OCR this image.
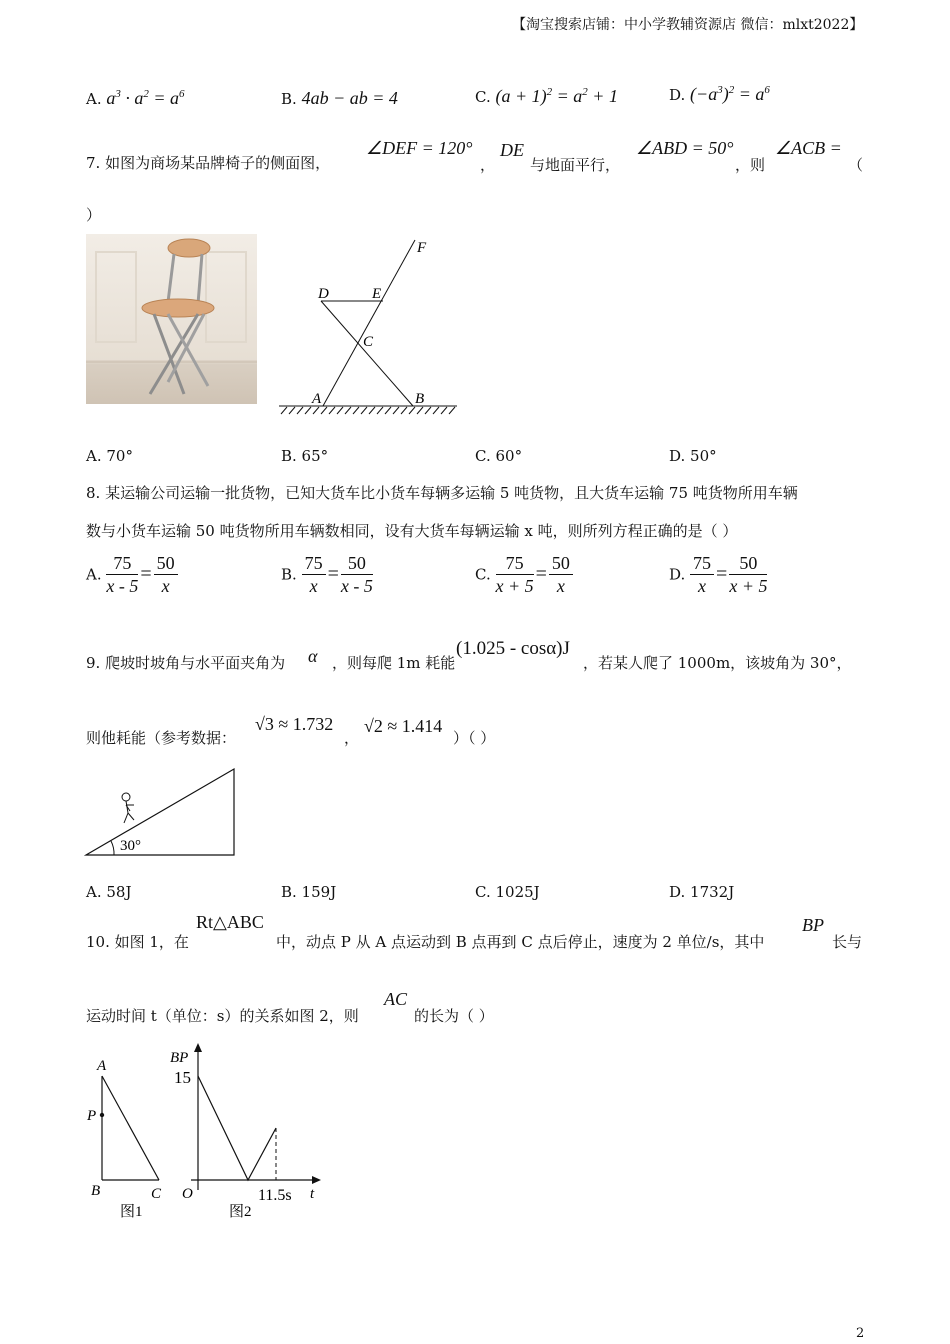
【淘宝搜索店铺：中小学教辅资源店 微信：mlxt2022】
A. $a^3 \cdot a^2 = a^6$	B. 4ab − ab = 4	C. $(a + 1)^2 = a^2 + 1$	D. $(-a^3)^2 = a^6$
7. 如图为商场某品牌椅子的侧面图，
∠DEF = 120°
，
DE
与地面平行，
∠ABD = 50°
，则
∠ACB =
（
）
F
D	E
C
A	B
A. 70°	B. 65°	C. 60°	D. 50°
8. 某运输公司运输一批货物，已知大货车比小货车每辆多运输 5 吨货物，且大货车运输 75 吨货物所用车辆
数与小货车运输 50 吨货物所用车辆数相同，设有大货车每辆运输 x 吨，则所列方程正确的是（ ）
A. $\frac{75}{x - 5} = \frac{50}{x}$	B. $\frac{75}{x} = \frac{50}{x - 5}$	C. $\frac{75}{x + 5} = \frac{50}{x}$	D. $\frac{75}{x} = \frac{50}{x + 5}$
9. 爬坡时坡角与水平面夹角为 α ，则每爬 1m 耗能
(1.025 - cosα)J
，若某人爬了 1000m，该坡角为 30°，
则他耗能（参考数据：
√3 ≈ 1.732
，
√2 ≈ 1.414
）（ ）
30°
A. 58J	B. 159J	C. 1025J	D. 1732J
10. 如图 1，在
Rt△ABC
中，动点 P 从 A 点运动到 B 点再到 C 点后停止，速度为 2 单位/s，其中
BP
长与
运动时间 t（单位：s）的关系如图 2，则
AC
的长为（ ）
A
P
B	C
图1
BP
15
O	11.5s t
图2
2
